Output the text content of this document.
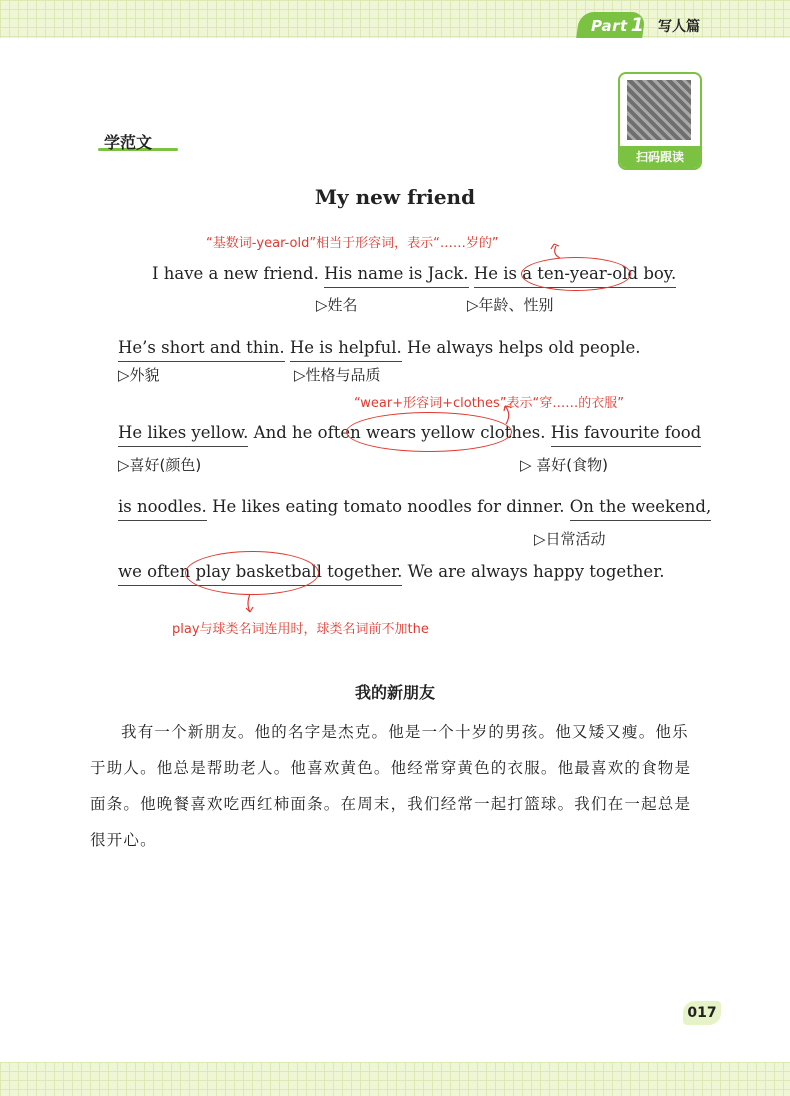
Part 1 写人篇
扫码跟读
学范文
My new friend
“基数词-year-old”相当于形容词，表示“……岁的”
I have a new friend. His name is Jack. He is a ten-year-old boy.
▷姓名	▷年龄、性别
He’s short and thin. He is helpful. He always helps old people.
▷外貌	▷性格与品质
“wear+形容词+clothes”表示“穿……的衣服”
He likes yellow. And he often wears yellow clothes. His favourite food
▷喜好(颜色)	▷ 喜好(食物)
is noodles. He likes eating tomato noodles for dinner. On the weekend,
▷日常活动
we often play basketball together. We are always happy together.
play与球类名词连用时，球类名词前不加the
我的新朋友
我有一个新朋友。他的名字是杰克。他是一个十岁的男孩。他又矮又瘦。他乐于助人。他总是帮助老人。他喜欢黄色。他经常穿黄色的衣服。他最喜欢的食物是面条。他晚餐喜欢吃西红柿面条。在周末，我们经常一起打篮球。我们在一起总是很开心。
017
